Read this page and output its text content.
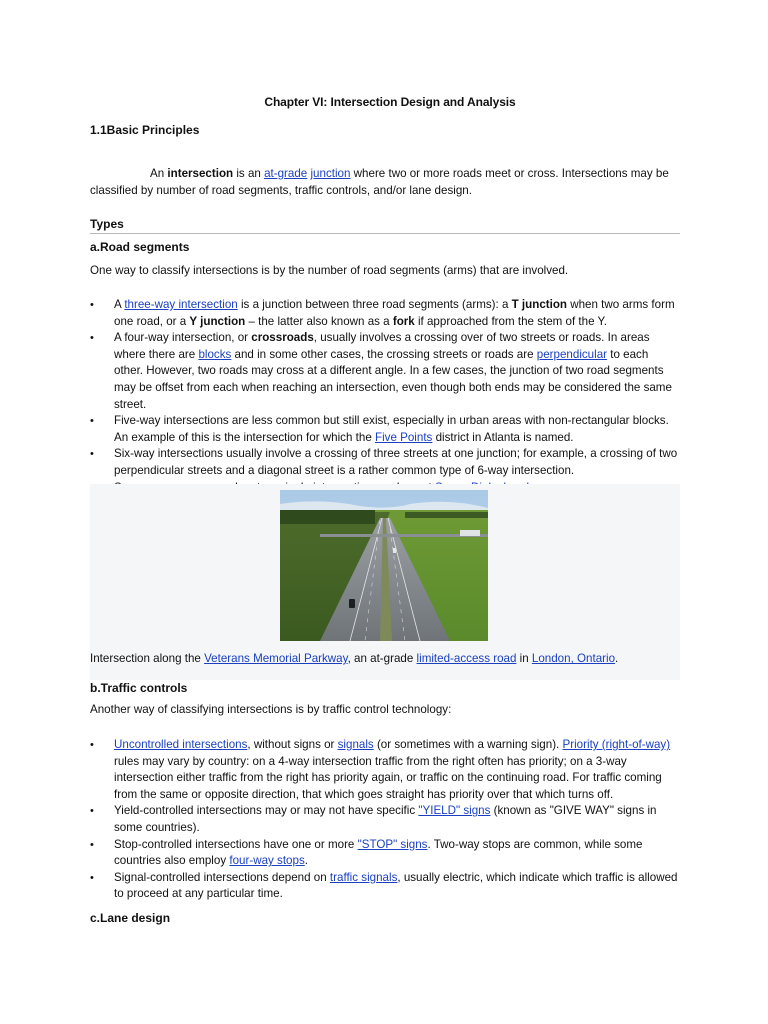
Chapter VI: Intersection Design and Analysis
1.1Basic Principles
An intersection is an at-grade junction where two or more roads meet or cross. Intersections may be classified by number of road segments, traffic controls, and/or lane design.
Types
a.Road segments
One way to classify intersections is by the number of road segments (arms) that are involved.
• A three-way intersection is a junction between three road segments (arms): a T junction when two arms form one road, or a Y junction – the latter also known as a fork if approached from the stem of the Y.
• A four-way intersection, or crossroads, usually involves a crossing over of two streets or roads. In areas where there are blocks and in some other cases, the crossing streets or roads are perpendicular to each other. However, two roads may cross at a different angle. In a few cases, the junction of two road segments may be offset from each when reaching an intersection, even though both ends may be considered the same street.
• Five-way intersections are less common but still exist, especially in urban areas with non-rectangular blocks. An example of this is the intersection for which the Five Points district in Atlanta is named.
• Six-way intersections usually involve a crossing of three streets at one junction; for example, a crossing of two perpendicular streets and a diagonal street is a rather common type of 6-way intersection.
•
Intersection along the Veterans Memorial Parkway, an at-grade limited-access road in London, Ontario.
b.Traffic controls
Another way of classifying intersections is by traffic control technology:
• Uncontrolled intersections, without signs or signals (or sometimes with a warning sign). Priority (right-of-way) rules may vary by country: on a 4-way intersection traffic from the right often has priority; on a 3-way intersection either traffic from the right has priority again, or traffic on the continuing road. For traffic coming from the same or opposite direction, that which goes straight has priority over that which turns off.
• Yield-controlled intersections may or may not have specific "YIELD" signs (known as "GIVE WAY" signs in some countries).
• Stop-controlled intersections have one or more "STOP" signs. Two-way stops are common, while some countries also employ four-way stops.
• Signal-controlled intersections depend on traffic signals, usually electric, which indicate which traffic is allowed to proceed at any particular time.
c.Lane design
